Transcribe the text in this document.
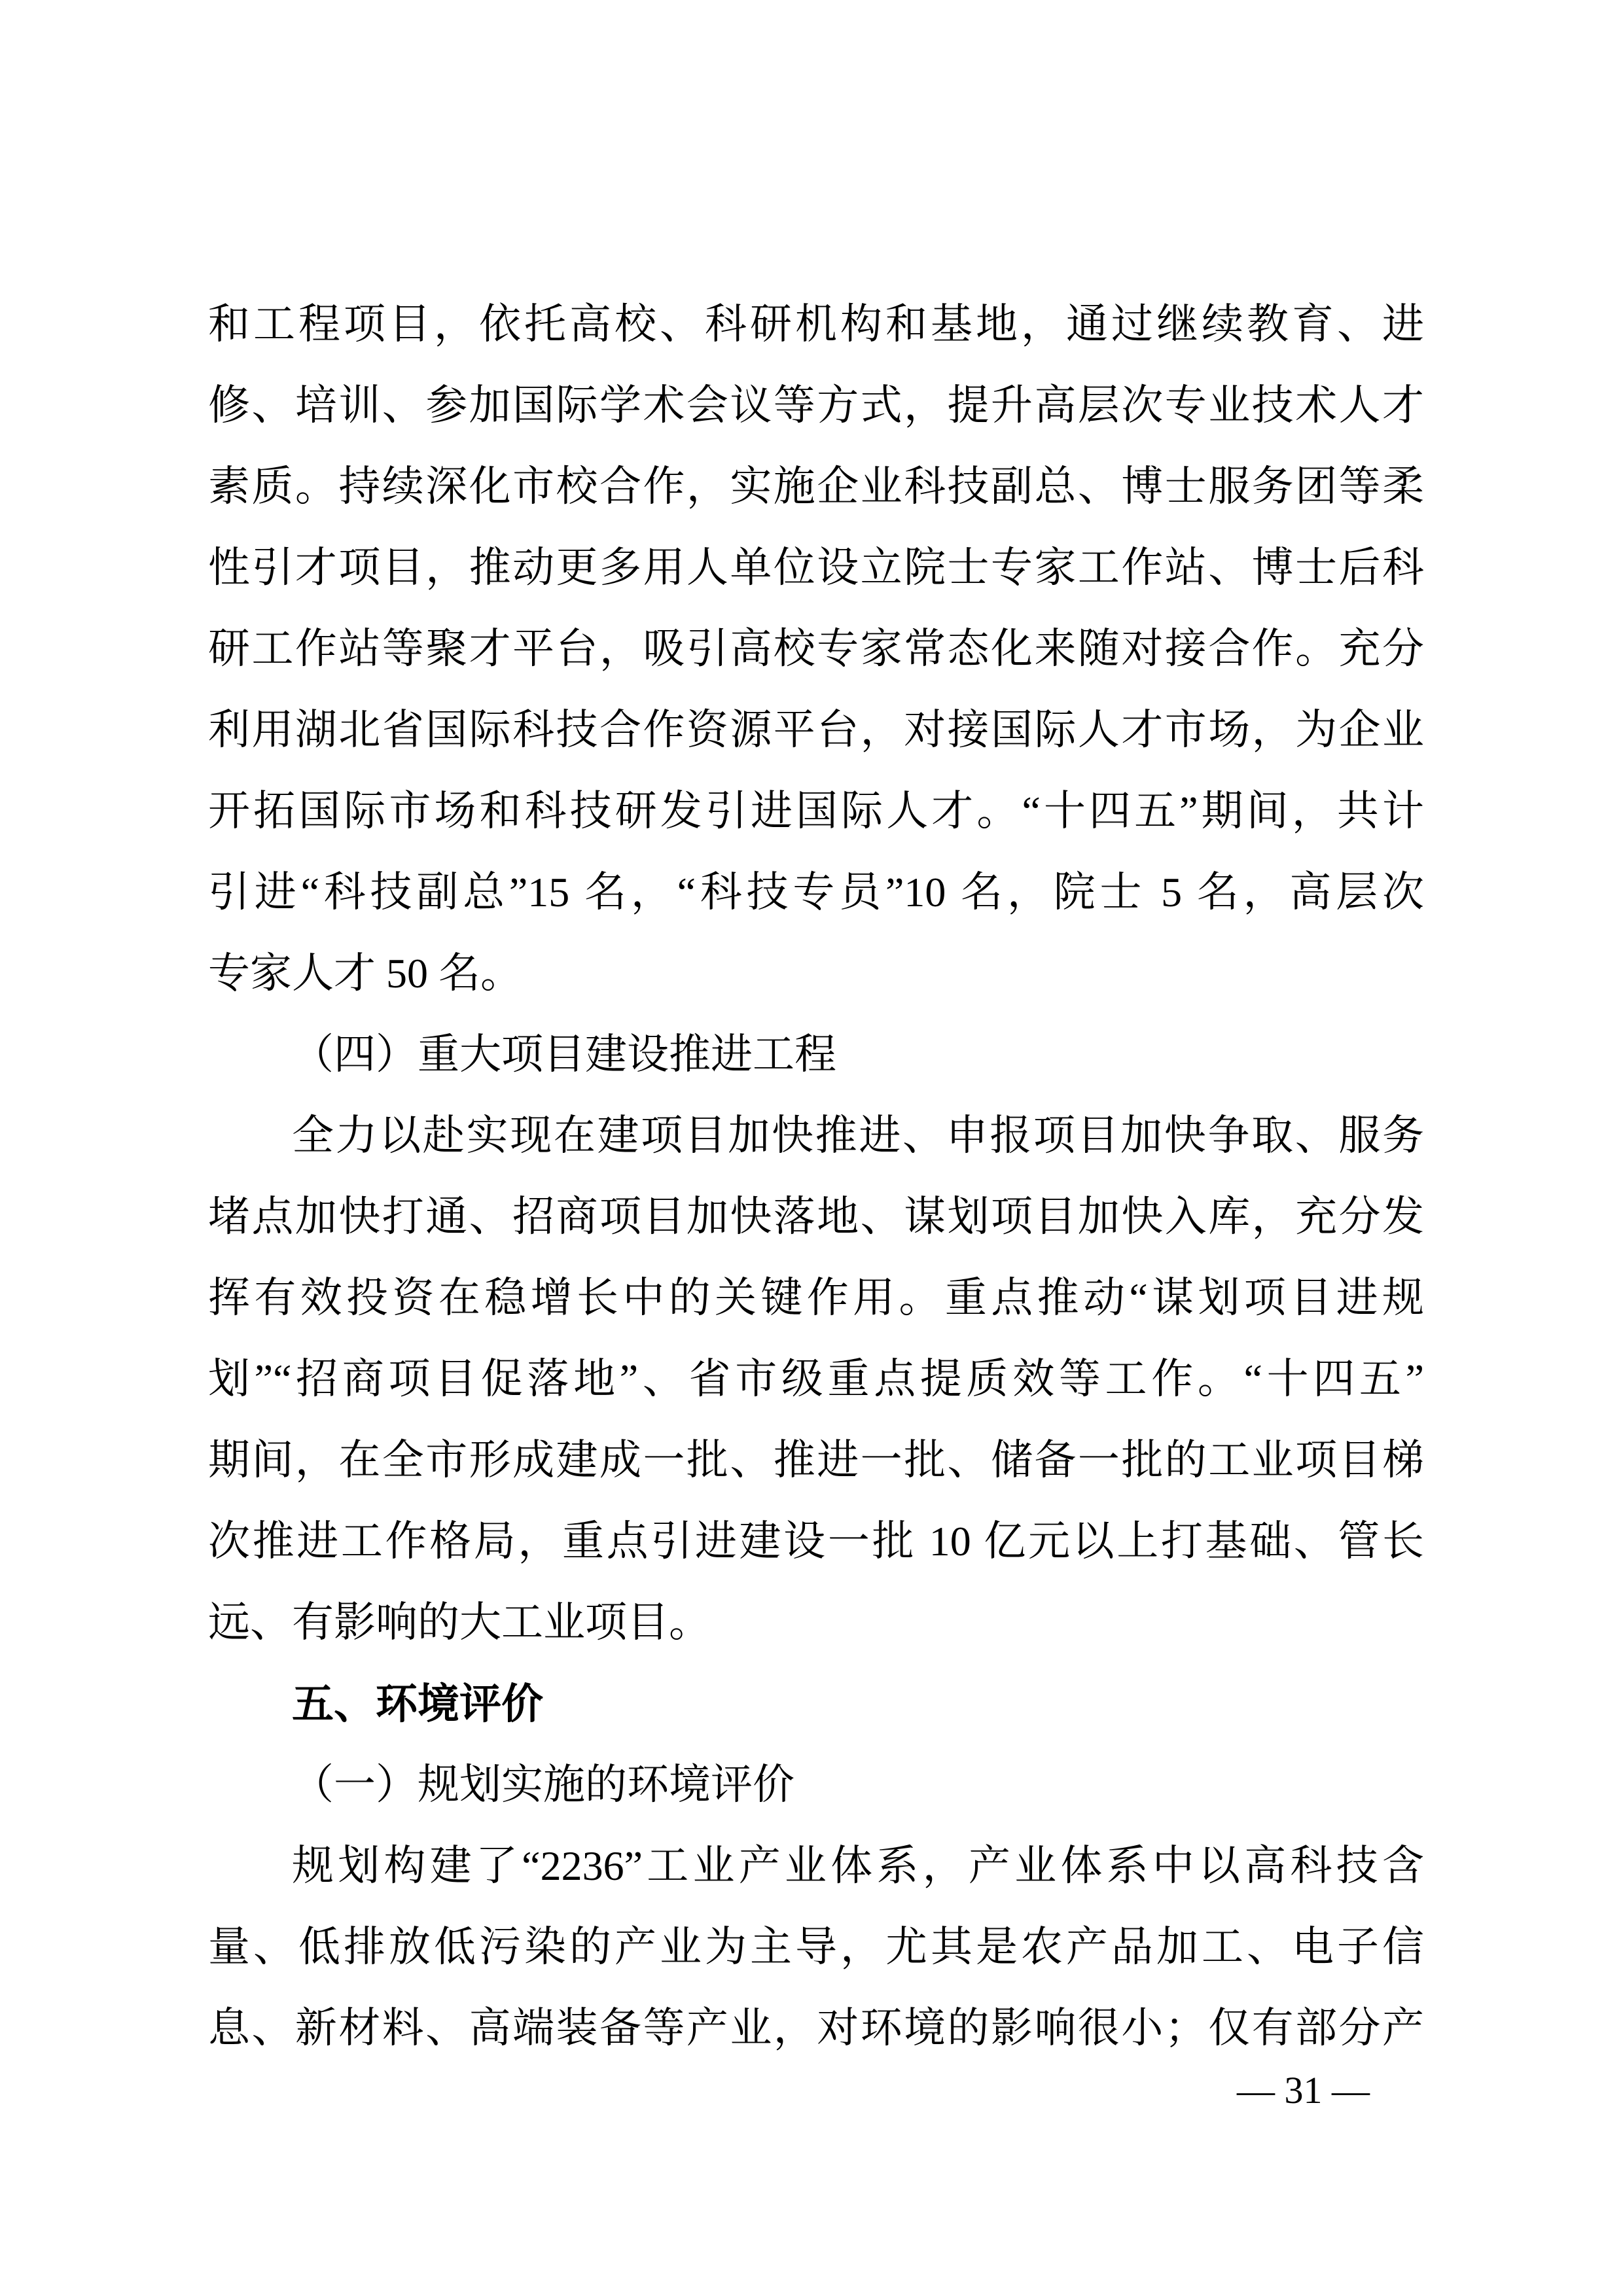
和工程项目，依托高校、科研机构和基地，通过继续教育、进
修、培训、参加国际学术会议等方式，提升高层次专业技术人才
素质。持续深化市校合作，实施企业科技副总、博士服务团等柔
性引才项目，推动更多用人单位设立院士专家工作站、博士后科
研工作站等聚才平台，吸引高校专家常态化来随对接合作。充分
利用湖北省国际科技合作资源平台，对接国际人才市场，为企业
开拓国际市场和科技研发引进国际人才。“十四五”期间，共计
引进“科技副总”15 名，“科技专员”10 名，院士 5 名，高层次
专家人才 50 名。
（四）重大项目建设推进工程
全力以赴实现在建项目加快推进、申报项目加快争取、服务
堵点加快打通、招商项目加快落地、谋划项目加快入库，充分发
挥有效投资在稳增长中的关键作用。重点推动“谋划项目进规
划”“招商项目促落地”、省市级重点提质效等工作。“十四五”
期间，在全市形成建成一批、推进一批、储备一批的工业项目梯
次推进工作格局，重点引进建设一批 10 亿元以上打基础、管长
远、有影响的大工业项目。
五、环境评价
（一）规划实施的环境评价
规划构建了“2236”工业产业体系，产业体系中以高科技含
量、低排放低污染的产业为主导，尤其是农产品加工、电子信
息、新材料、高端装备等产业，对环境的影响很小；仅有部分产
— 31 —
